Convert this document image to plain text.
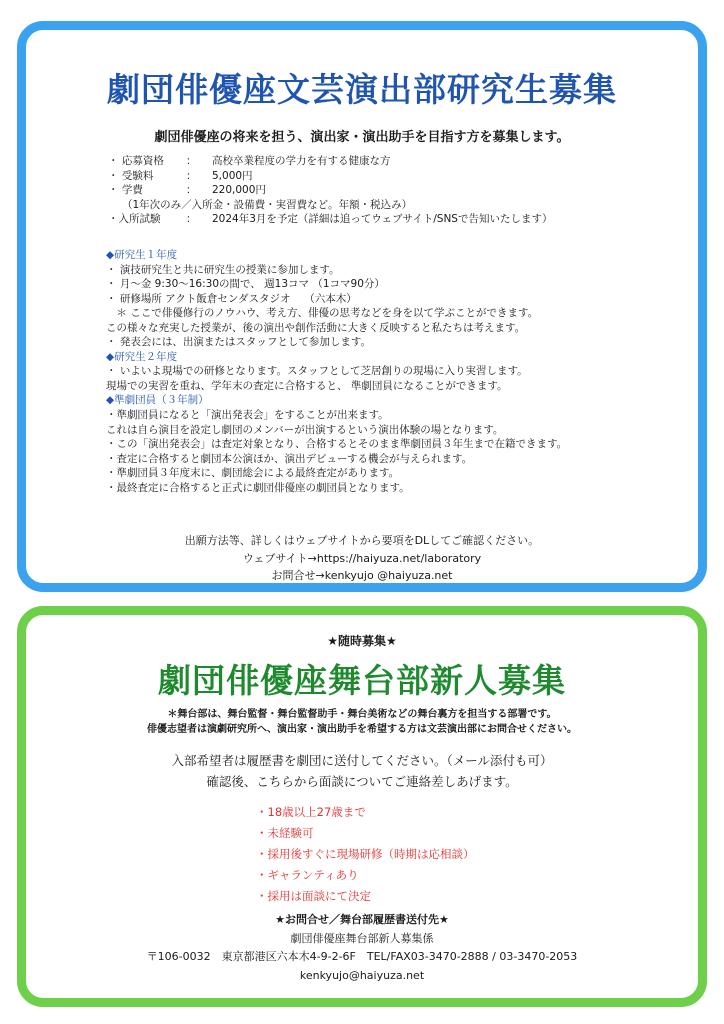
劇団俳優座文芸演出部研究生募集
劇団俳優座の将来を担う、演出家・演出助手を目指す方を募集します。
・ 応募資格	：	高校卒業程度の学力を有する健康な方
・ 受験料	：	5,000円
・ 学費	：	220,000円
（1年次のみ／入所金・設備費・実習費など。年額・税込み）
・入所試験	：	2024年3月を予定（詳細は追ってウェブサイト/SNSで告知いたします）
◆研究生１年度
・ 演技研究生と共に研究生の授業に参加します。
・ 月〜金 9:30〜16:30の間で、 週13コマ （1コマ90分）
・ 研修場所 アクト飯倉センダスタジオ　 （六本木）
　＊ ここで俳優修行のノウハウ、考え方、俳優の思考などを身を以て学ぶことができます。
この様々な充実した授業が、後の演出や創作活動に大きく反映すると私たちは考えます。
・ 発表会には、出演またはスタッフとして参加します。
◆研究生２年度
・ いよいよ現場での研修となります。スタッフとして芝居創りの現場に入り実習します。
現場での実習を重ね、学年末の査定に合格すると、 準劇団員になることができます。
◆準劇団員（３年制）
・準劇団員になると「演出発表会」をすることが出来ます。
これは自ら演目を設定し劇団のメンバーが出演するという演出体験の場となります。
・この「演出発表会」は査定対象となり、合格するとそのまま準劇団員３年生まで在籍できます。
・査定に合格すると劇団本公演ほか、演出デビューする機会が与えられます。
・準劇団員３年度末に、劇団総会による最終査定があります。
・最終査定に合格すると正式に劇団俳優座の劇団員となります。
出願方法等、詳しくはウェブサイトから要項をDLしてご確認ください。
ウェブサイト→https://haiyuza.net/laboratory
お問合せ→kenkyujo @haiyuza.net
★随時募集★
劇団俳優座舞台部新人募集
＊舞台部は、舞台監督・舞台監督助手・舞台美術などの舞台裏方を担当する部署です。
俳優志望者は演劇研究所へ、演出家・演出助手を希望する方は文芸演出部にお問合せください。
入部希望者は履歴書を劇団に送付してください。（メール添付も可）
確認後、こちらから面談についてご連絡差しあげます。
・18歳以上27歳まで
・未経験可
・採用後すぐに現場研修（時期は応相談）
・ギャランティあり
・採用は面談にて決定
★お問合せ／舞台部履歴書送付先★
劇団俳優座舞台部新人募集係
〒106-0032　東京都港区六本木4-9-2-6F　TEL/FAX03-3470-2888 / 03-3470-2053
kenkyujo@haiyuza.net
